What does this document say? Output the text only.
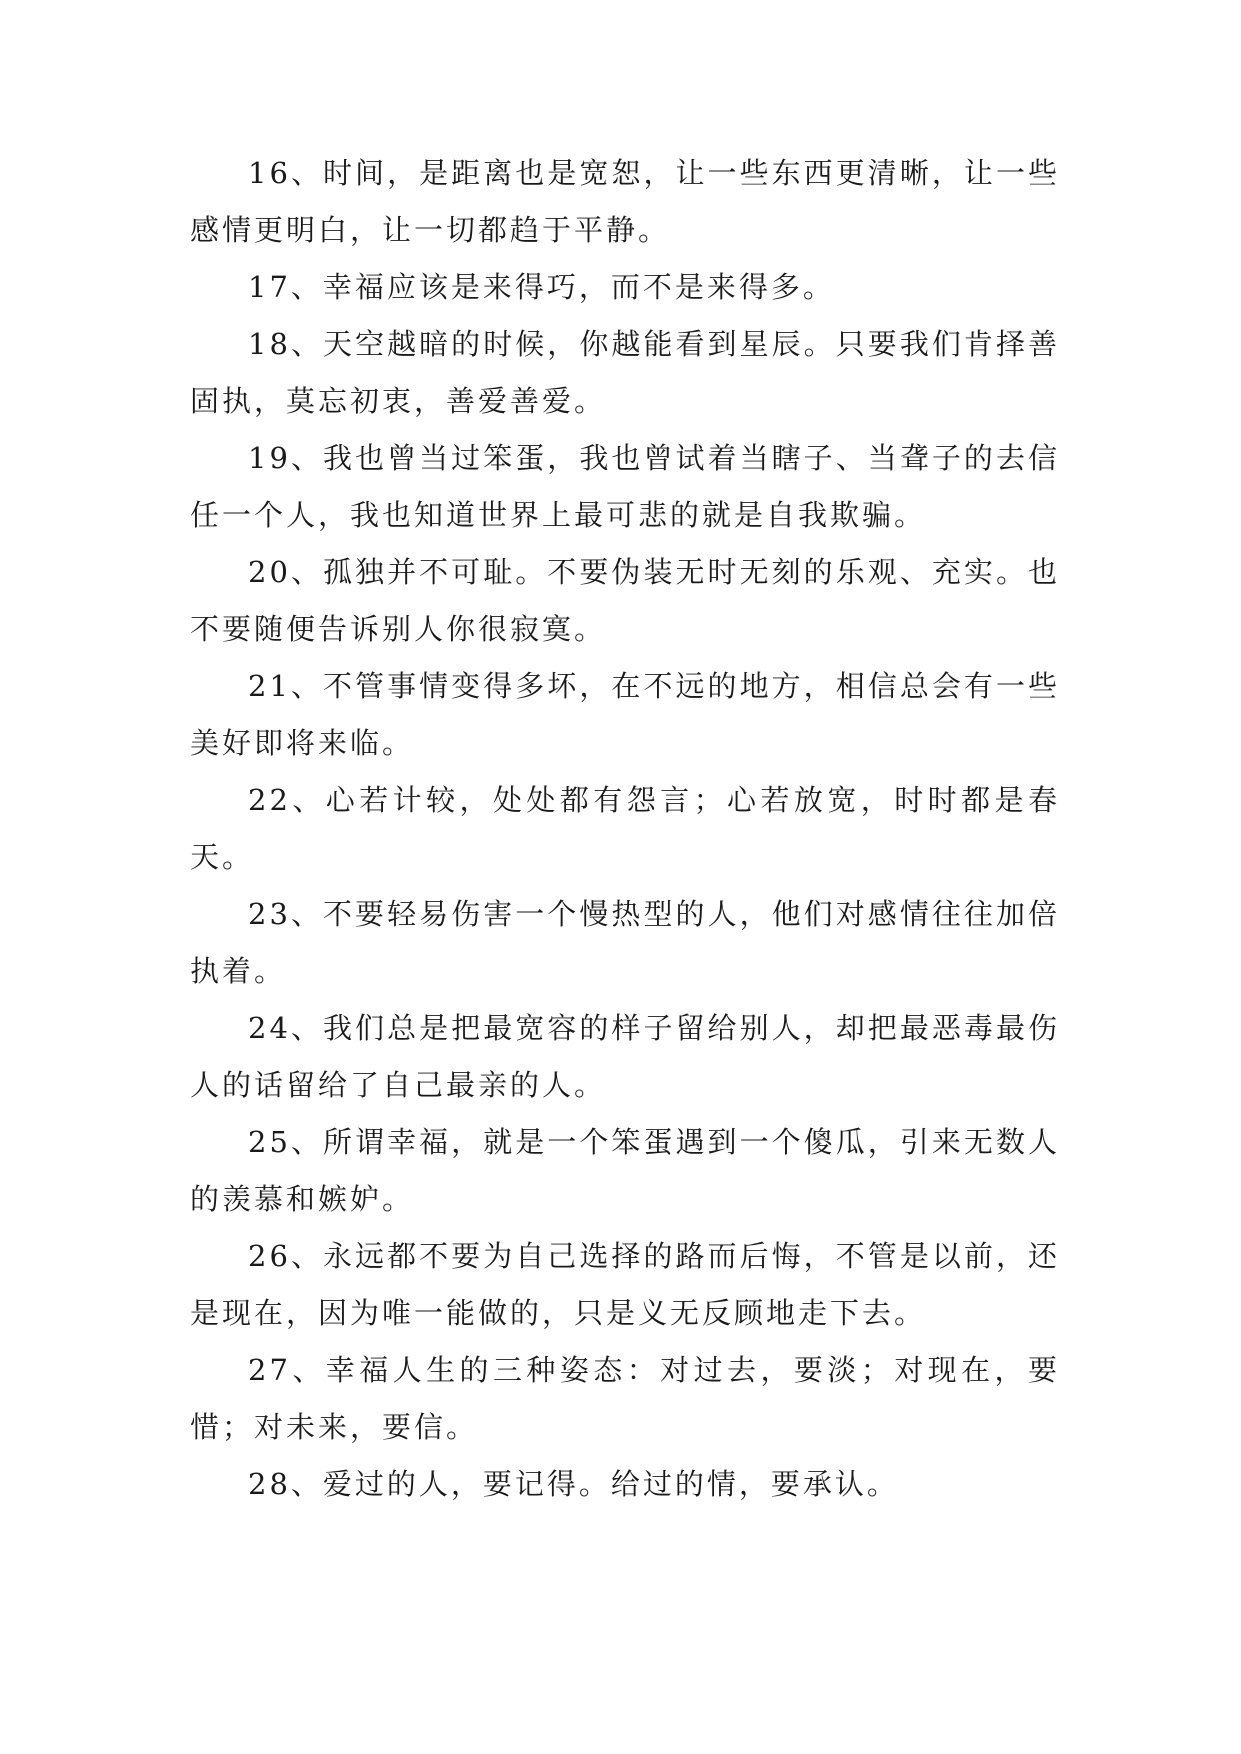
16、时间，是距离也是宽恕，让一些东西更清晰，让一些感情更明白，让一切都趋于平静。

17、幸福应该是来得巧，而不是来得多。

18、天空越暗的时候，你越能看到星辰。只要我们肯择善固执，莫忘初衷，善爱善爱。

19、我也曾当过笨蛋，我也曾试着当瞎子、当聋子的去信任一个人，我也知道世界上最可悲的就是自我欺骗。

20、孤独并不可耻。不要伪装无时无刻的乐观、充实。也不要随便告诉别人你很寂寞。

21、不管事情变得多坏，在不远的地方，相信总会有一些美好即将来临。

22、心若计较，处处都有怨言；心若放宽，时时都是春天。

23、不要轻易伤害一个慢热型的人，他们对感情往往加倍执着。

24、我们总是把最宽容的样子留给别人，却把最恶毒最伤人的话留给了自己最亲的人。

25、所谓幸福，就是一个笨蛋遇到一个傻瓜，引来无数人的羡慕和嫉妒。

26、永远都不要为自己选择的路而后悔，不管是以前，还是现在，因为唯一能做的，只是义无反顾地走下去。

27、幸福人生的三种姿态：对过去，要淡；对现在，要惜；对未来，要信。

28、爱过的人，要记得。给过的情，要承认。
